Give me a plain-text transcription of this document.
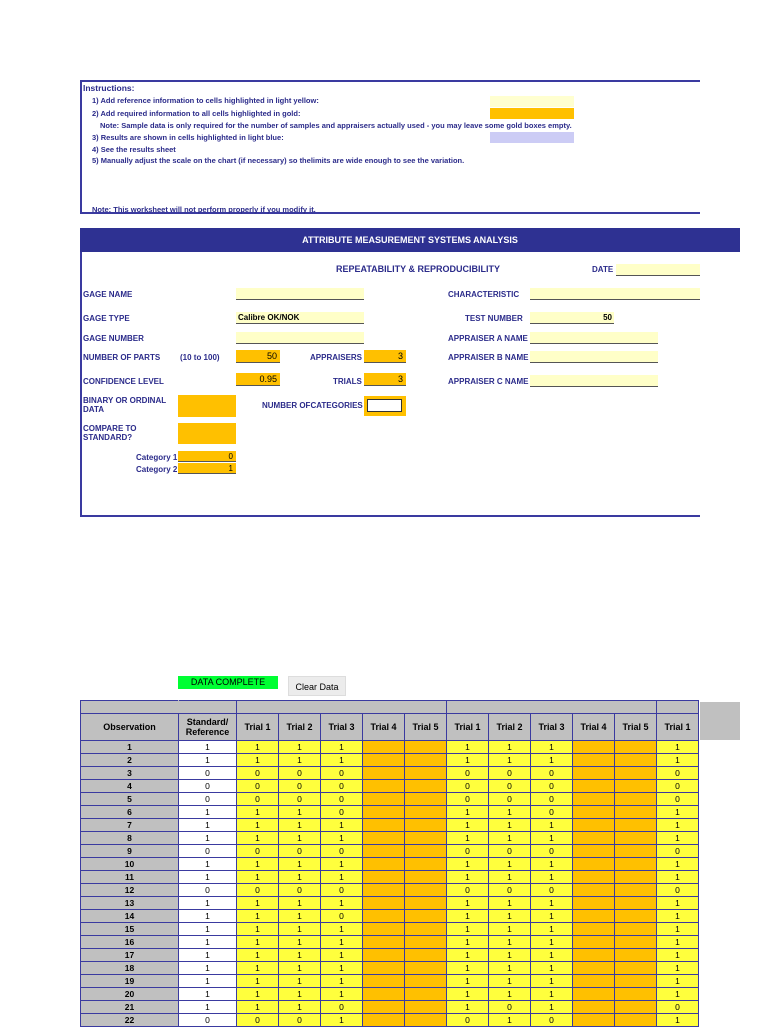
Instructions:
1) Add reference information to cells highlighted in light yellow:
2) Add required information to all cells highlighted in gold:
Note: Sample data is only required for the number of samples and appraisers actually used - you may leave some gold boxes empty.
3) Results are shown in cells highlighted in light blue:
4) See the results sheet
5) Manually adjust the scale on the chart (if necessary) so thelimits are wide enough to see the variation.
Note: This worksheet will not perform properly if you modify it.
ATTRIBUTE MEASUREMENT SYSTEMS ANALYSIS
REPEATABILITY & REPRODUCIBILITY	DATE
GAGE NAME	CHARACTERISTIC
GAGE TYPE	Calibre OK/NOK	TEST NUMBER	50
GAGE NUMBER	APPRAISER A NAME
NUMBER OF PARTS (10 to 100)	50	APPRAISERS	3	APPRAISER B NAME
CONFIDENCE LEVEL	0.95	TRIALS	3	APPRAISER C NAME
BINARY OR ORDINAL
DATA	NUMBER OFCATEGORIES
COMPARE TO
STANDARD?
Category 1	0
Category 2	1
DATA COMPLETE	Clear Data

Observation	Standard/
Reference	Trial 1	Trial 2	Trial 3	Trial 4	Trial 5	Trial 1	Trial 2	Trial 3	Trial 4	Trial 5	Trial 1
1	1	1	1	1			1	1	1			1
2	1	1	1	1			1	1	1			1
3	0	0	0	0			0	0	0			0
4	0	0	0	0			0	0	0			0
5	0	0	0	0			0	0	0			0
6	1	1	1	0			1	1	0			1
7	1	1	1	1			1	1	1			1
8	1	1	1	1			1	1	1			1
9	0	0	0	0			0	0	0			0
10	1	1	1	1			1	1	1			1
11	1	1	1	1			1	1	1			1
12	0	0	0	0			0	0	0			0
13	1	1	1	1			1	1	1			1
14	1	1	1	0			1	1	1			1
15	1	1	1	1			1	1	1			1
16	1	1	1	1			1	1	1			1
17	1	1	1	1			1	1	1			1
18	1	1	1	1			1	1	1			1
19	1	1	1	1			1	1	1			1
20	1	1	1	1			1	1	1			1
21	1	1	1	0			1	0	1			0
22	0	0	0	1			0	1	0			1
